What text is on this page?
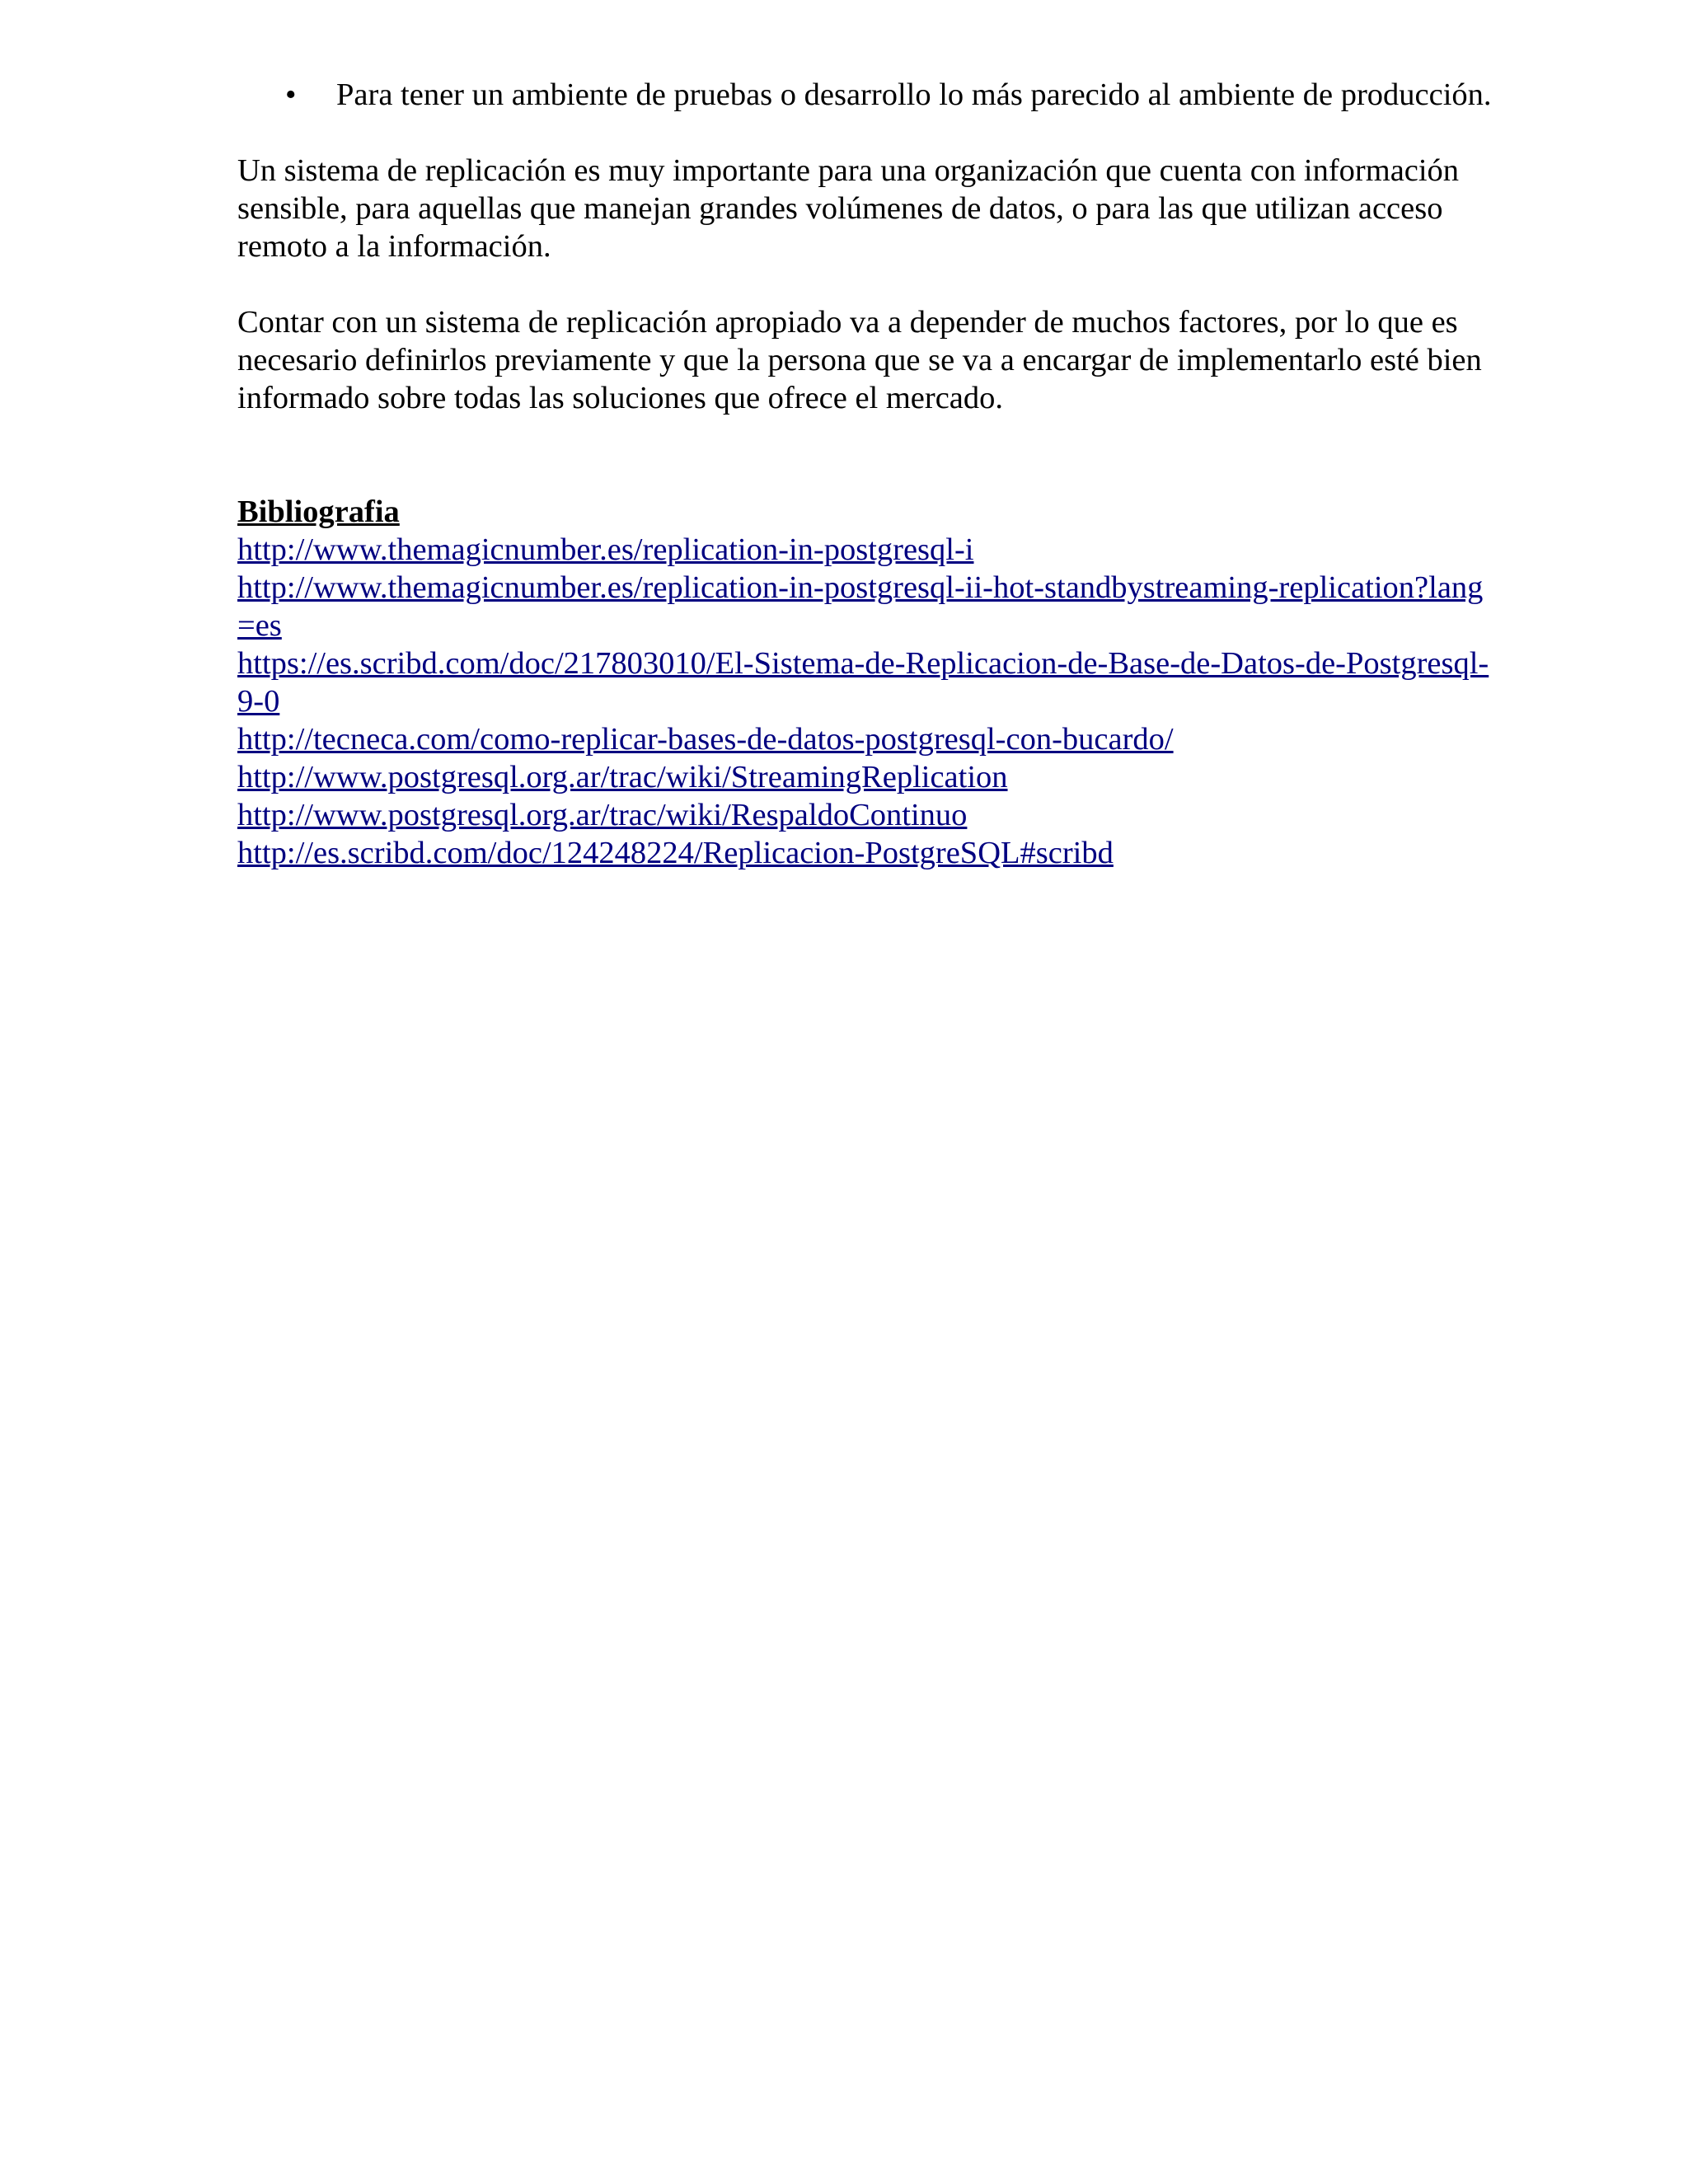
•	Para tener un ambiente de pruebas o desarrollo lo más parecido al ambiente de producción.

Un sistema de replicación es muy importante para una organización que cuenta con información sensible, para aquellas que manejan grandes volúmenes de datos, o para las que utilizan acceso remoto a la información.

Contar con un sistema de replicación apropiado va a depender de muchos factores, por lo que es necesario definirlos previamente y que la persona que se va a encargar de implementarlo esté bien informado sobre todas las soluciones que ofrece el mercado.

Bibliografia
http://www.themagicnumber.es/replication-in-postgresql-i
http://www.themagicnumber.es/replication-in-postgresql-ii-hot-standbystreaming-replication?lang=es
https://es.scribd.com/doc/217803010/El-Sistema-de-Replicacion-de-Base-de-Datos-de-Postgresql-9-0
http://tecneca.com/como-replicar-bases-de-datos-postgresql-con-bucardo/
http://www.postgresql.org.ar/trac/wiki/StreamingReplication
http://www.postgresql.org.ar/trac/wiki/RespaldoContinuo
http://es.scribd.com/doc/124248224/Replicacion-PostgreSQL#scribd
